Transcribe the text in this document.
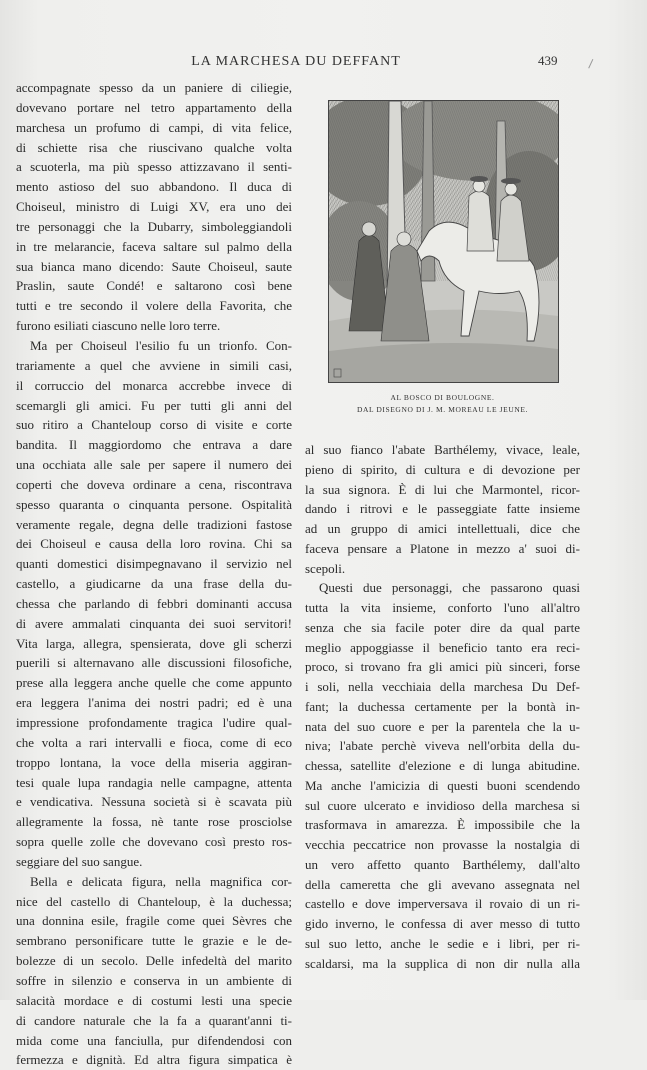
LA MARCHESA DU DEFFANT	439
accompagnate spesso da un paniere di ciliegie,
dovevano portare nel tetro appartamento della
marchesa un profumo di campi, di vita felice,
di schiette risa che riuscivano qualche volta
a scuoterla, ma più spesso attizzavano il senti-
mento astioso del suo abbandono. Il duca di
Choiseul, ministro di Luigi XV, era uno dei
tre personaggi che la Dubarry, simboleggiandoli
in tre melarancie, faceva saltare sul palmo della
sua bianca mano dicendo: Saute Choiseul, saute
Praslin, saute Condé! e saltarono così bene
tutti e tre secondo il volere della Favorita, che
furono esiliati ciascuno nelle loro terre.
Ma per Choiseul l'esilio fu un trionfo. Con-
trariamente a quel che avviene in simili casi,
il corruccio del monarca accrebbe invece di
scemargli gli amici. Fu per tutti gli anni del
suo ritiro a Chanteloup corso di visite e corte
bandita. Il maggiordomo che entrava a dare
una occhiata alle sale per sapere il numero dei
coperti che doveva ordinare a cena, riscontrava
spesso quaranta o cinquanta persone. Ospitalità
veramente regale, degna delle tradizioni fastose
dei Choiseul e causa della loro rovina. Chi sa
quanti domestici disimpegnavano il servizio nel
castello, a giudicarne da una frase della du-
chessa che parlando di febbri dominanti accusa
di avere ammalati cinquanta dei suoi servitori!
Vita larga, allegra, spensierata, dove gli scherzi
puerili si alternavano alle discussioni filosofiche,
prese alla leggera anche quelle che come appunto
era leggera l'anima dei nostri padri; ed è una
impressione profondamente tragica l'udire qual-
che volta a rari intervalli e fioca, come di eco
troppo lontana, la voce della miseria aggiran-
tesi quale lupa randagia nelle campagne, attenta
e vendicativa. Nessuna società si è scavata più
allegramente la fossa, nè tante rose prosciolse
sopra quelle zolle che dovevano così presto ros-
seggiare del suo sangue.
Bella e delicata figura, nella magnifica cor-
nice del castello di Chanteloup, è la duchessa;
una donnina esile, fragile come quei Sèvres che
sembrano personificare tutte le grazie e le de-
bolezze di un secolo. Delle infedeltà del marito
soffre in silenzio e conserva in un ambiente di
salacità mordace e di costumi lesti una specie
di candore naturale che la fa a quarant'anni ti-
mida come una fanciulla, pur difendendosi con
fermezza e dignità. Ed altra figura simpatica è
AL BOSCO DI BOULOGNE.
DAL DISEGNO DI J. M. MOREAU LE JEUNE.
al suo fianco l'abate Barthélemy, vivace, leale,
pieno di spirito, di cultura e di devozione per
la sua signora. È di lui che Marmontel, ricor-
dando i ritrovi e le passeggiate fatte insieme
ad un gruppo di amici intellettuali, dice che
faceva pensare a Platone in mezzo a' suoi di-
scepoli.
Questi due personaggi, che passarono quasi
tutta la vita insieme, conforto l'uno all'altro
senza che sia facile poter dire da qual parte
meglio appoggiasse il beneficio tanto era reci-
proco, si trovano fra gli amici più sinceri, forse
i soli, nella vecchiaia della marchesa Du Def-
fant; la duchessa certamente per la bontà in-
nata del suo cuore e per la parentela che la u-
niva; l'abate perchè viveva nell'orbita della du-
chessa, satellite d'elezione e di lunga abitudine.
Ma anche l'amicizia di questi buoni scendendo
sul cuore ulcerato e invidioso della marchesa si
trasformava in amarezza. È impossibile che la
vecchia peccatrice non provasse la nostalgia di
un vero affetto quanto Barthélemy, dall'alto
della cameretta che gli avevano assegnata nel
castello e dove imperversava il rovaio di un ri-
gido inverno, le confessa di aver messo di tutto
sul suo letto, anche le sedie e i libri, per ri-
scaldarsi, ma la supplica di non dir nulla alla
